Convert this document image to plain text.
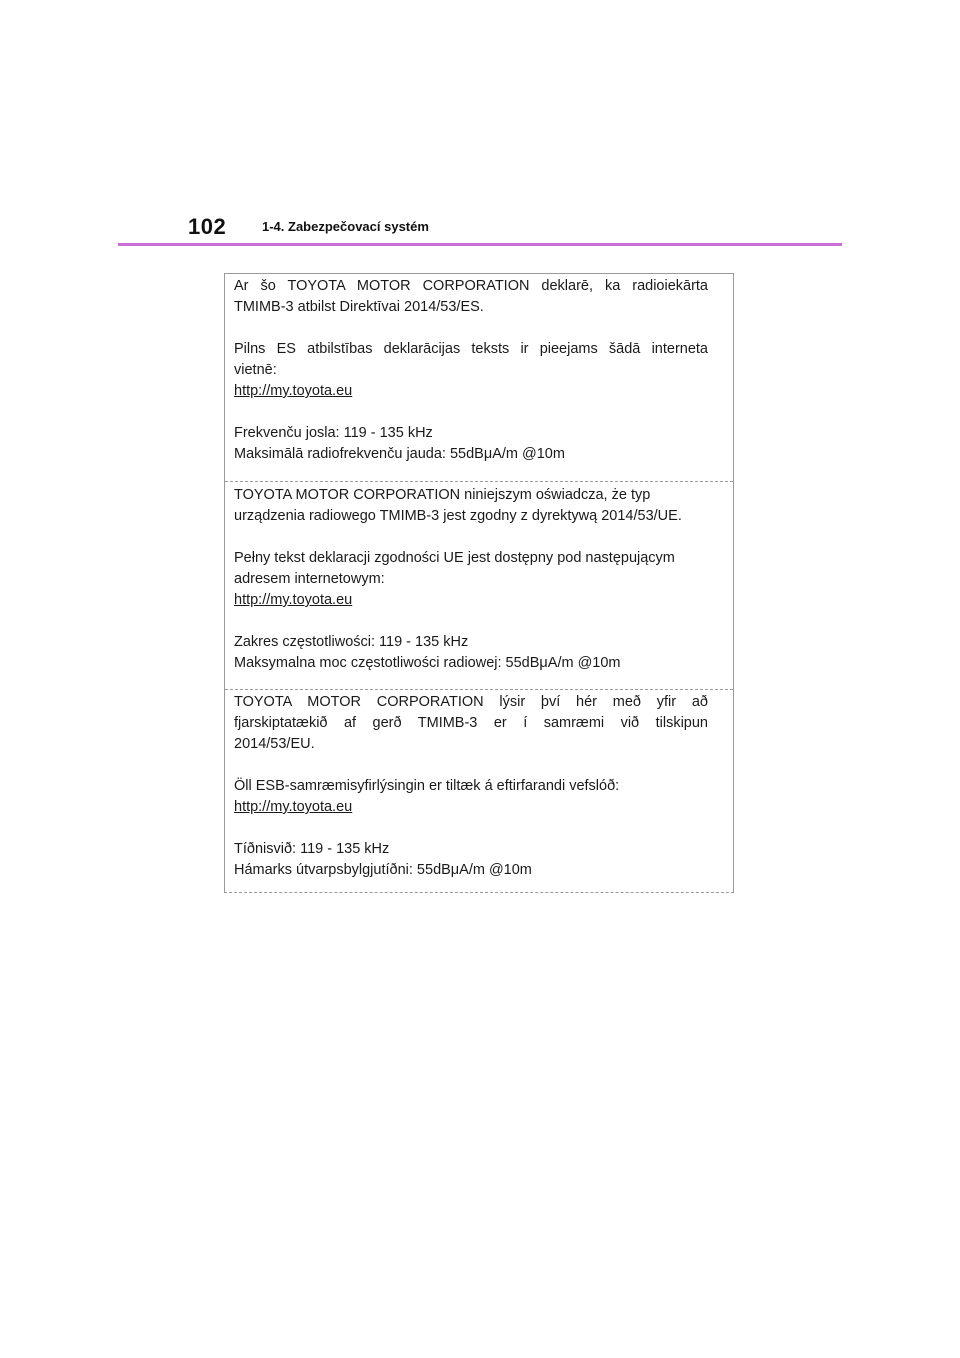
102	1-4. Zabezpečovací systém

Ar šo TOYOTA MOTOR CORPORATION deklarē, ka radioiekārta

TMIMB-3 atbilst Direktīvai 2014/53/ES.

Pilns ES atbilstības deklarācijas teksts ir pieejams šādā interneta

vietnē:

http://my.toyota.eu

Frekvenču josla: 119 - 135 kHz

Maksimālā radiofrekvenču jauda: 55dBμA/m @10m

TOYOTA MOTOR CORPORATION niniejszym oświadcza, że typ

urządzenia radiowego TMIMB-3 jest zgodny z dyrektywą 2014/53/UE.

Pełny tekst deklaracji zgodności UE jest dostępny pod następującym

adresem internetowym:

http://my.toyota.eu

Zakres częstotliwości: 119 - 135 kHz

Maksymalna moc częstotliwości radiowej: 55dBμA/m @10m

TOYOTA MOTOR CORPORATION lýsir því hér með yfir að

fjarskiptatækið af gerð TMIMB-3 er í samræmi við tilskipun

2014/53/EU.

Öll ESB-samræmisyfirlýsingin er tiltæk á eftirfarandi vefslóð:

http://my.toyota.eu

Tíðnisvið: 119 - 135 kHz

Hámarks útvarpsbylgjutíðni: 55dBμA/m @10m
